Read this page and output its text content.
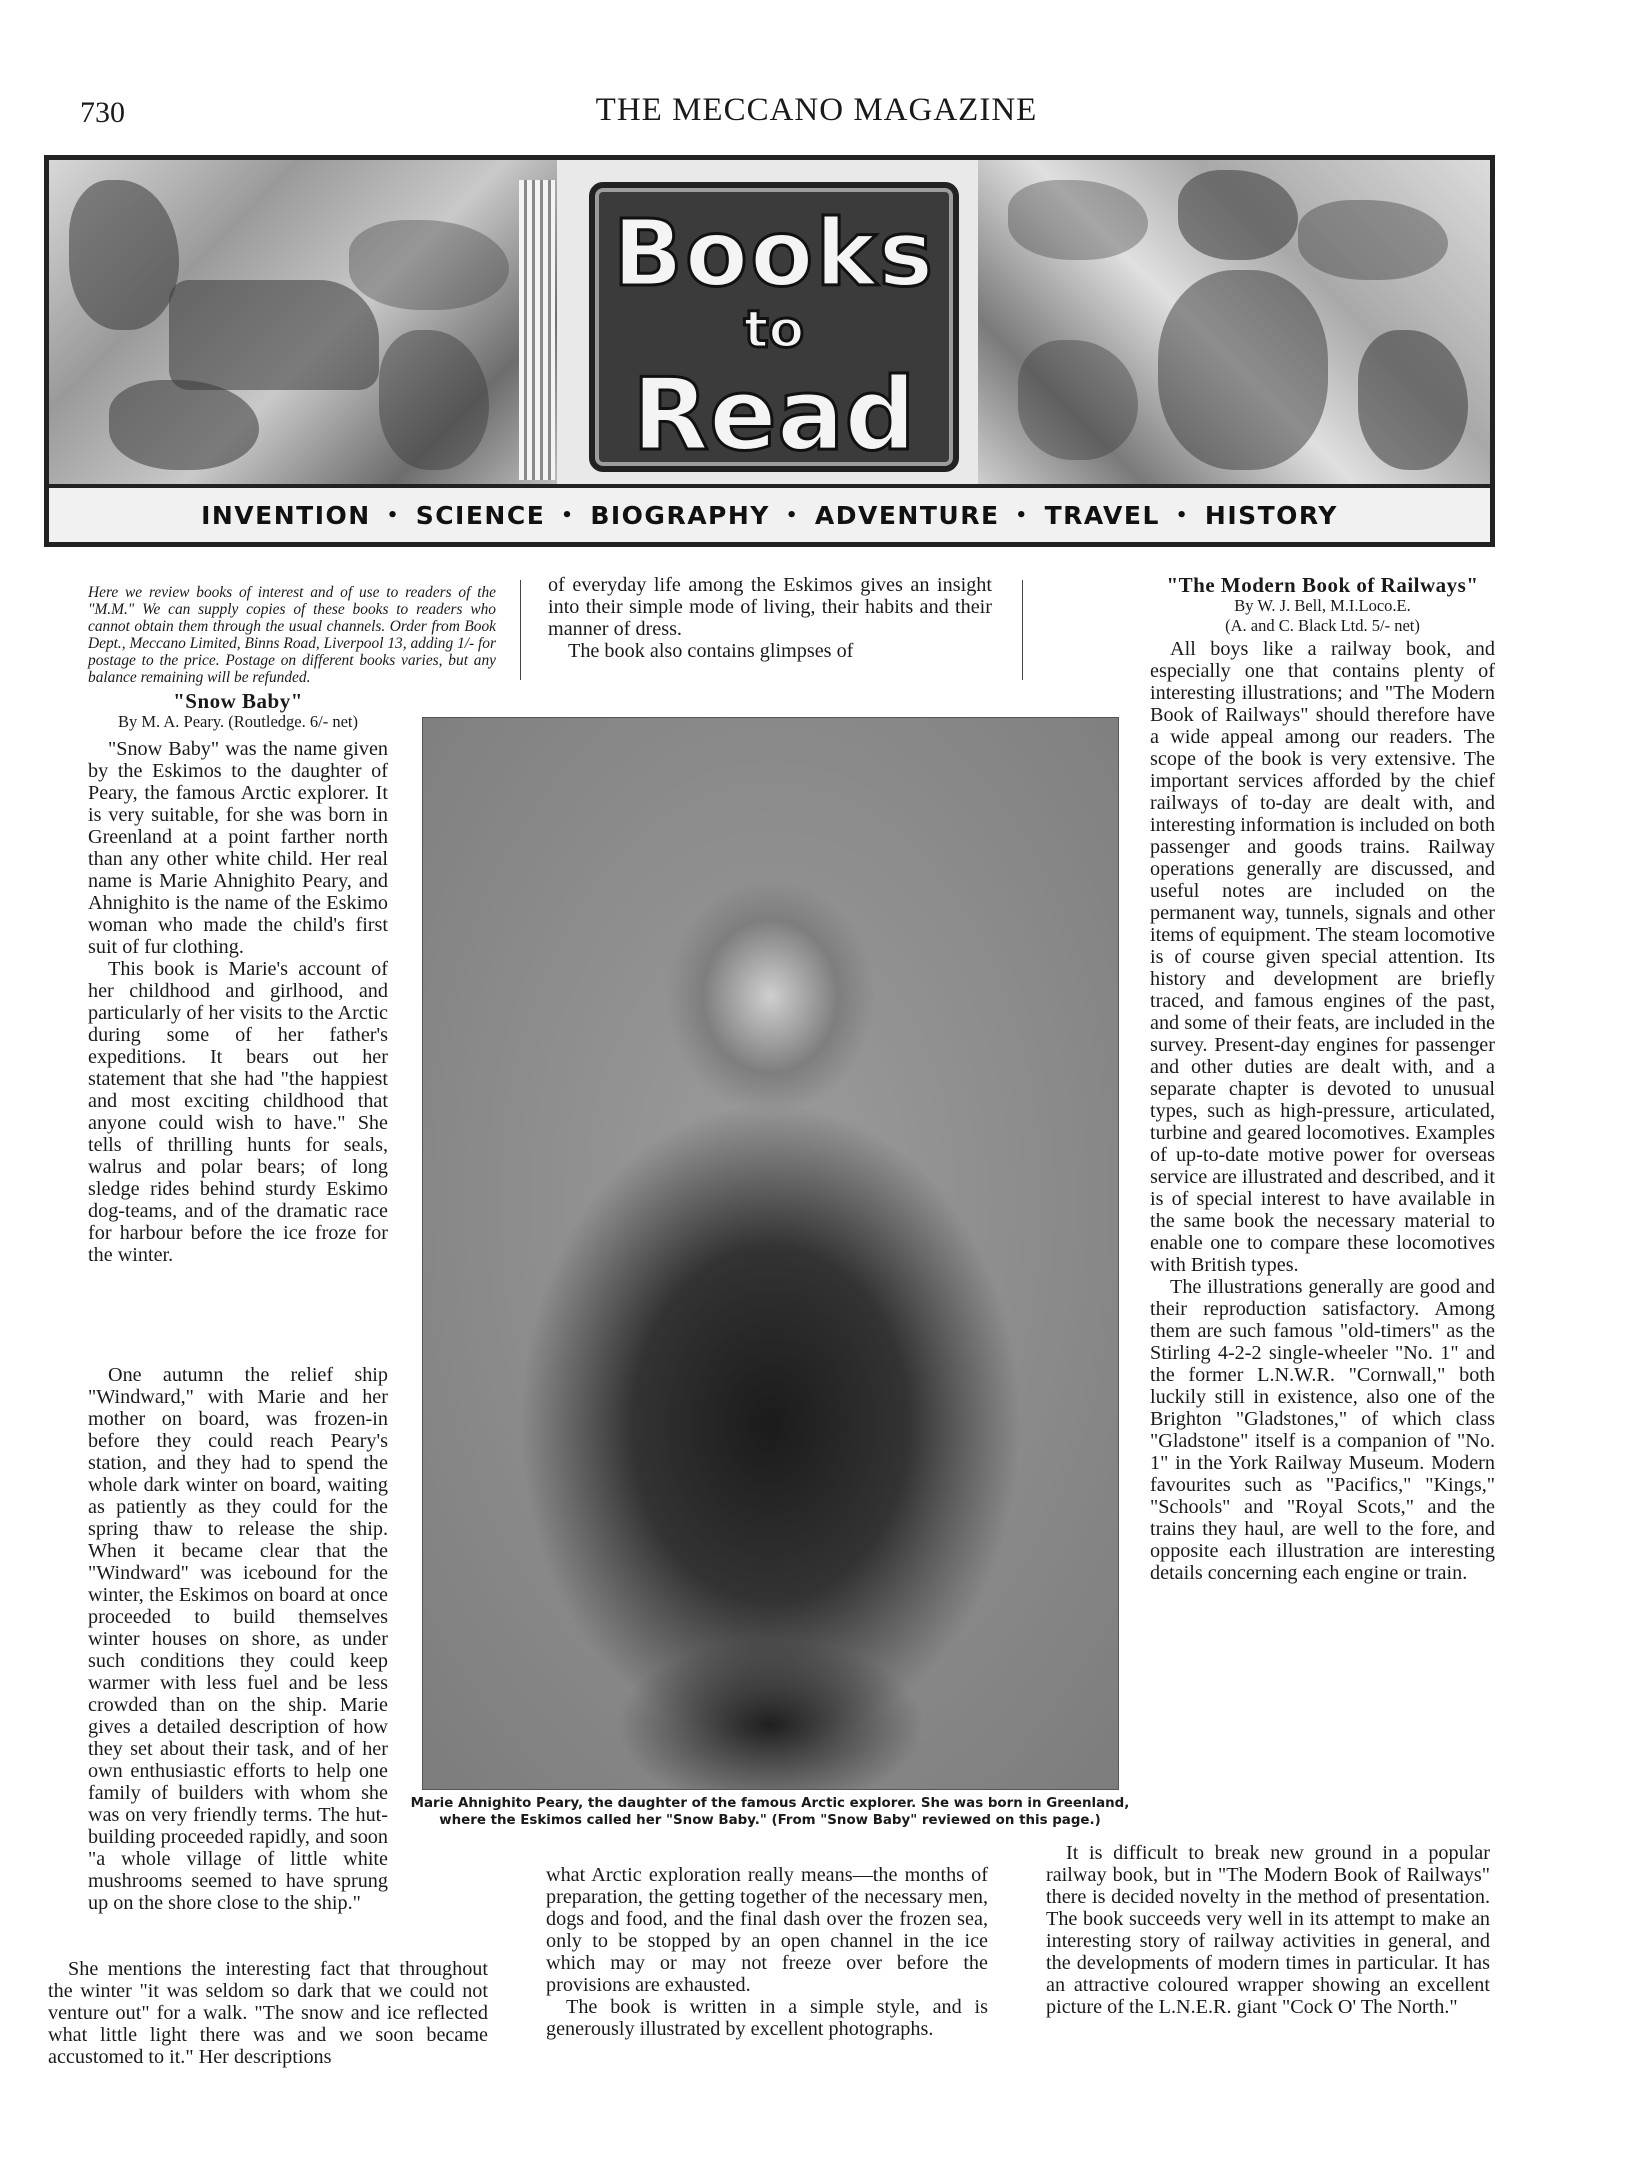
730	THE MECCANO MAGAZINE
Books
to
Read
INVENTION • SCIENCE • BIOGRAPHY • ADVENTURE • TRAVEL • HISTORY
Here we review books of interest and of use to readers of the "M.M." We can supply copies of these books to readers who cannot obtain them through the usual channels. Order from Book Dept., Meccano Limited, Binns Road, Liverpool 13, adding 1/- for postage to the price. Postage on different books varies, but any balance remaining will be refunded.
"Snow Baby"
By M. A. Peary. (Routledge. 6/- net)

"Snow Baby" was the name given by the Eskimos to the daughter of Peary, the famous Arctic explorer. It is very suitable, for she was born in Greenland at a point farther north than any other white child. Her real name is Marie Ahnighito Peary, and Ahnighito is the name of the Eskimo woman who made the child's first suit of fur clothing.

This book is Marie's account of her childhood and girlhood, and particularly of her visits to the Arctic during some of her father's expeditions. It bears out her statement that she had "the happiest and most exciting childhood that anyone could wish to have." She tells of thrilling hunts for seals, walrus and polar bears; of long sledge rides behind sturdy Eskimo dog-teams, and of the dramatic race for harbour before the ice froze for the winter.

One autumn the relief ship "Windward," with Marie and her mother on board, was frozen-in before they could reach Peary's station, and they had to spend the whole dark winter on board, waiting as patiently as they could for the spring thaw to release the ship. When it became clear that the "Windward" was icebound for the winter, the Eskimos on board at once proceeded to build themselves winter houses on shore, as under such conditions they could keep warmer with less fuel and be less crowded than on the ship. Marie gives a detailed description of how they set about their task, and of her own enthusiastic efforts to help one family of builders with whom she was on very friendly terms. The hut-building proceeded rapidly, and soon "a whole village of little white mushrooms seemed to have sprung up on the shore close to the ship."

She mentions the interesting fact that throughout the winter "it was seldom so dark that we could not venture out" for a walk. "The snow and ice reflected what little light there was and we soon became accustomed to it." Her descriptions

of everyday life among the Eskimos gives an insight into their simple mode of living, their habits and their manner of dress.

The book also contains glimpses of

Marie Ahnighito Peary, the daughter of the famous Arctic explorer. She was born in Greenland, where the Eskimos called her "Snow Baby." (From "Snow Baby" reviewed on this page.)

what Arctic exploration really means—the months of preparation, the getting together of the necessary men, dogs and food, and the final dash over the frozen sea, only to be stopped by an open channel in the ice which may or may not freeze over before the provisions are exhausted.

The book is written in a simple style, and is generously illustrated by excellent photographs.

"The Modern Book of Railways"
By W. J. Bell, M.I.Loco.E.
(A. and C. Black Ltd. 5/- net)

All boys like a railway book, and especially one that contains plenty of interesting illustrations; and "The Modern Book of Railways" should therefore have a wide appeal among our readers. The scope of the book is very extensive. The important services afforded by the chief railways of to-day are dealt with, and interesting information is included on both passenger and goods trains. Railway operations generally are discussed, and useful notes are included on the permanent way, tunnels, signals and other items of equipment. The steam locomotive is of course given special attention. Its history and development are briefly traced, and famous engines of the past, and some of their feats, are included in the survey. Present-day engines for passenger and other duties are dealt with, and a separate chapter is devoted to unusual types, such as high-pressure, articulated, turbine and geared locomotives. Examples of up-to-date motive power for overseas service are illustrated and described, and it is of special interest to have available in the same book the necessary material to enable one to compare these locomotives with British types.

The illustrations generally are good and their reproduction satisfactory. Among them are such famous "old-timers" as the Stirling 4-2-2 single-wheeler "No. 1" and the former L.N.W.R. "Cornwall," both luckily still in existence, also one of the Brighton "Gladstones," of which class "Gladstone" itself is a companion of "No. 1" in the York Railway Museum. Modern favourites such as "Pacifics," "Kings," "Schools" and "Royal Scots," and the trains they haul, are well to the fore, and opposite each illustration are interesting details concerning each engine or train.

It is difficult to break new ground in a popular railway book, but in "The Modern Book of Railways" there is decided novelty in the method of presentation. The book succeeds very well in its attempt to make an interesting story of railway activities in general, and the developments of modern times in particular. It has an attractive coloured wrapper showing an excellent picture of the L.N.E.R. giant "Cock O' The North."
